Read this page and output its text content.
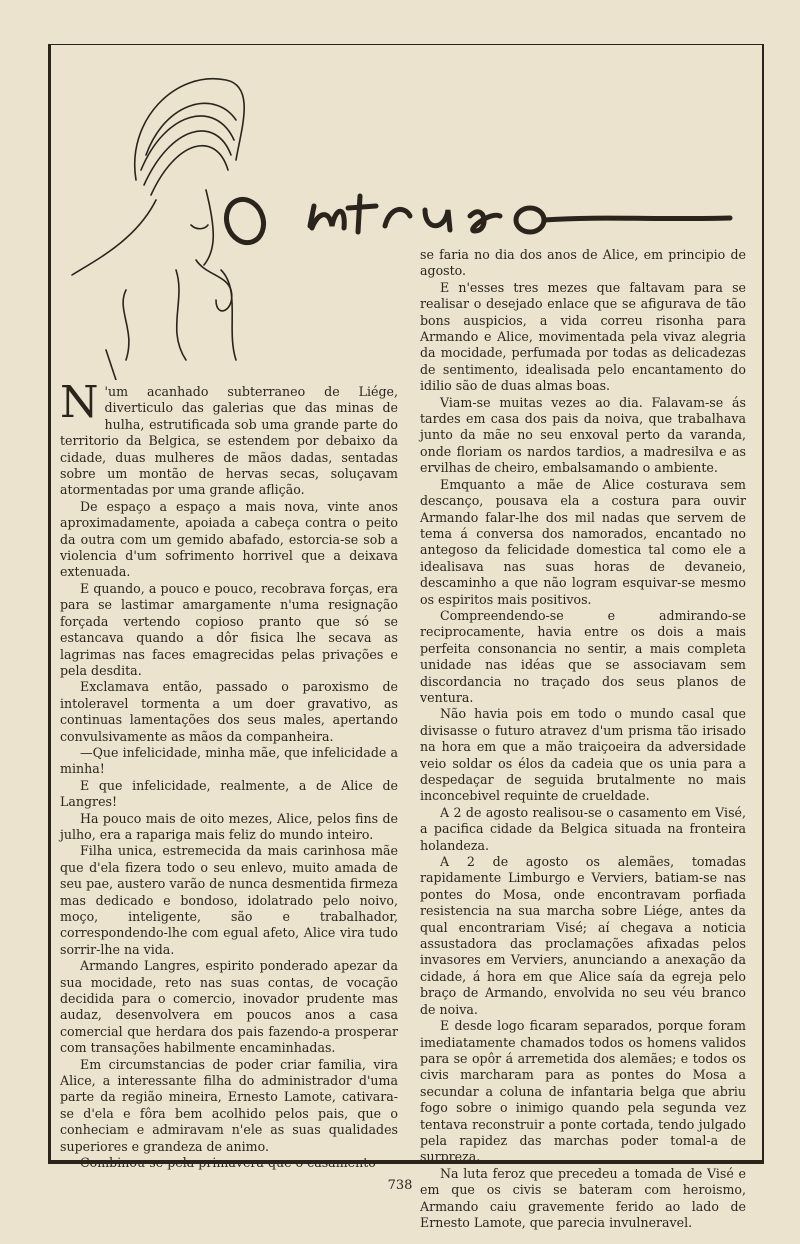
N 'um acanhado subterraneo de Liége, diverticulo das galerias que das minas de hulha, estrutificada sob uma grande parte do territorio da Belgica, se estendem por debaixo da cidade, duas mulheres de mãos dadas, sentadas sobre um montão de hervas secas, soluçavam atormentadas por uma grande aflição.

De espaço a espaço a mais nova, vinte anos aproximadamente, apoiada a cabeça contra o peito da outra com um gemido abafado, estorcia-se sob a violencia d'um sofrimento horrivel que a deixava extenuada.

E quando, a pouco e pouco, recobrava forças, era para se lastimar amargamente n'uma resignação forçada vertendo copioso pranto que só se estancava quando a dôr fisica lhe secava as lagrimas nas faces emagrecidas pelas privações e pela desdita.

Exclamava então, passado o paroxismo de intoleravel tormenta a um doer gravativo, as continuas lamentações dos seus males, apertando convulsivamente as mãos da companheira.

—Que infelicidade, minha mãe, que infelicidade a minha!

E que infelicidade, realmente, a de Alice de Langres!

Ha pouco mais de oito mezes, Alice, pelos fins de julho, era a rapariga mais feliz do mundo inteiro.

Filha unica, estremecida da mais carinhosa mãe que d'ela fizera todo o seu enlevo, muito amada de seu pae, austero varão de nunca desmentida firmeza mas dedicado e bondoso, idolatrado pelo noivo, moço, inteligente, são e trabalhador, correspondendo-lhe com egual afeto, Alice vira tudo sorrir-lhe na vida.

Armando Langres, espirito ponderado apezar da sua mocidade, reto nas suas contas, de vocação decidida para o comercio, inovador prudente mas audaz, desenvolvera em poucos anos a casa comercial que herdara dos pais fazendo-a prosperar com transações habilmente encaminhadas.

Em circumstancias de poder criar familia, vira Alice, a interessante filha do administrador d'uma parte da região mineira, Ernesto Lamote, cativara-se d'ela e fôra bem acolhido pelos pais, que o conheciam e admiravam n'ele as suas qualidades superiores e grandeza de animo.

Combinou-se pela primavera que o casamento

se faria no dia dos anos de Alice, em principio de agosto.

E n'esses tres mezes que faltavam para se realisar o desejado enlace que se afigurava de tão bons auspicios, a vida correu risonha para Armando e Alice, movimentada pela vivaz alegria da mocidade, perfumada por todas as delicadezas de sentimento, idealisada pelo encantamento do idilio são de duas almas boas.

Viam-se muitas vezes ao dia. Falavam-se ás tardes em casa dos pais da noiva, que trabalhava junto da mãe no seu enxoval perto da varanda, onde floriam os nardos tardios, a madresilva e as ervilhas de cheiro, embalsamando o ambiente.

Emquanto a mãe de Alice costurava sem descanço, pousava ela a costura para ouvir Armando falar-lhe dos mil nadas que servem de tema á conversa dos namorados, encantado no antegoso da felicidade domestica tal como ele a idealisava nas suas horas de devaneio, descaminho a que não logram esquivar-se mesmo os espiritos mais positivos.

Compreendendo-se e admirando-se reciprocamente, havia entre os dois a mais perfeita consonancia no sentir, a mais completa unidade nas idéas que se associavam sem discordancia no traçado dos seus planos de ventura.

Não havia pois em todo o mundo casal que divisasse o futuro atravez d'um prisma tão irisado na hora em que a mão traiçoeira da adversidade veio soldar os élos da cadeia que os unia para a despedaçar de seguida brutalmente no mais inconcebivel requinte de crueldade.

A 2 de agosto realisou-se o casamento em Visé, a pacifica cidade da Belgica situada na fronteira holandeza.

A 2 de agosto os alemães, tomadas rapidamente Limburgo e Verviers, batiam-se nas pontes do Mosa, onde encontravam porfiada resistencia na sua marcha sobre Liége, antes da qual encontrariam Visé; aí chegava a noticia assustadora das proclamações afixadas pelos invasores em Verviers, anunciando a anexação da cidade, á hora em que Alice saía da egreja pelo braço de Armando, envolvida no seu véu branco de noiva.

E desde logo ficaram separados, porque foram imediatamente chamados todos os homens validos para se opôr á arremetida dos alemães; e todos os civis marcharam para as pontes do Mosa a secundar a coluna de infantaria belga que abriu fogo sobre o inimigo quando pela segunda vez tentava reconstruir a ponte cortada, tendo julgado pela rapidez das marchas poder tomal-a de surpreza.

Na luta feroz que precedeu a tomada de Visé e em que os civis se bateram com heroismo, Armando caiu gravemente ferido ao lado de Ernesto Lamote, que parecia invulneravel.

738
